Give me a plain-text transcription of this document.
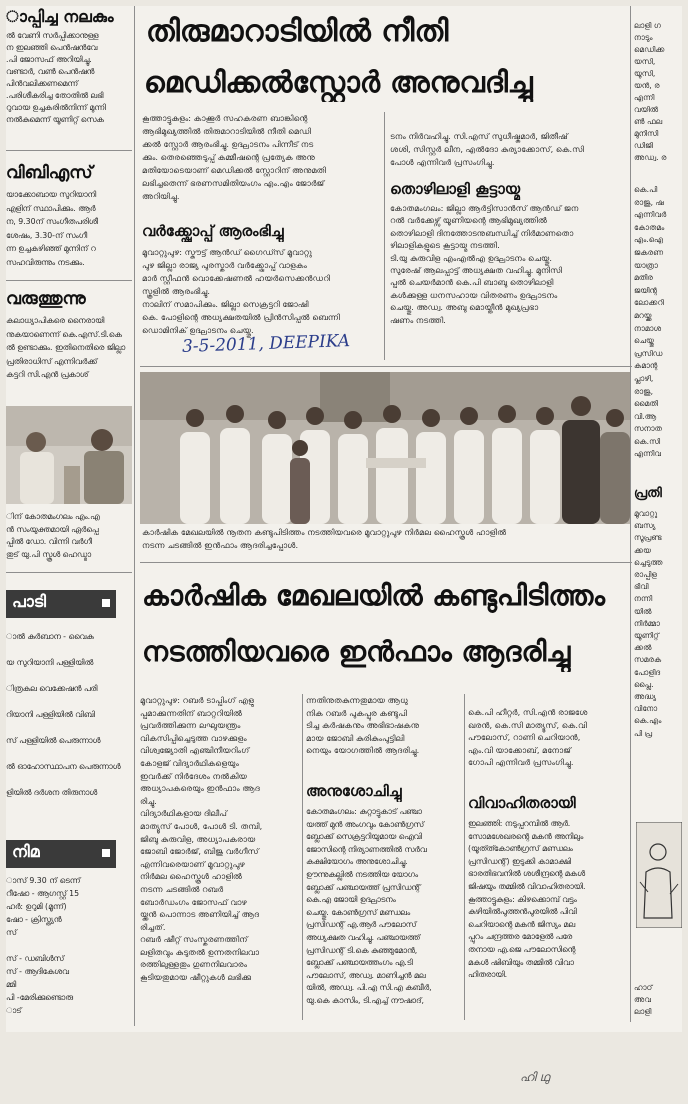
ാപ്പിച്ച നലകും
ൽ വേണി സർപ്പിക്കാനുള്ള
ന ഇലഞ്ഞി പെൻഷൻവേ
.പി ജോസഫ് അറിയിച്ചു.
വണ്ടാർ, വൺ പെൻഷൻ
പിൻവലിക്കണമെന്ന്
.പരിശീകരിച്ച തോതിൽ ലഭി
റുവായ ഉച്ചകരിൽനിന്ന് മുന്നി
നൽകുമെന്ന് യൂണിറ്റ് സെക
വിബിഎസ്
യാക്കോബായ സുറിയാനി
എളിന് സ്ഥാപിക്കും. ആർ
ന, 9.30ന് സംഗീതപരിശീ
ശേഷം, 3.30-ന് സംഗീ
ന്ന ഉച്ചകഴിഞ്ഞ് മുന്നിന് റ
സഹവിരുന്നും നടക്കും.
വരുത്തുന്നു
കലാധ്യാപികരെ നൈരായി
നുകയാണെന്ന് കെ.എസ്.ടി.കെ
ൽ ഉണ്ടാക്കും. ഇതിനെതിരെ ജില്ലാ
പ്രതിരാധിസ് എന്നിവർക്ക്
കട്ടറി സി.എൻ പ്രകാശ്
ിന് കോതമംഗലം എം.എ
ൻ സംയുക്തമായി ഏർപ്പെ
പ്പിൽ ഡോ. വിന്നി വർഗീ
തുട് യു.പി സ്കൂൾ ഹെഡ്മാ
പാടി
ാൽ കുർബാന - വൈകു

യ സുറിയാനി പള്ളിയിൽ

ിത്രകല വെക്കേഷൻ പരി

റിയാനി പള്ളിയിൽ വിബി

സ് പള്ളിയിൽ പെരുന്നാൾ

ൽ ഓഹോസ്ഥാപന പെരുന്നാൾ

ളിയിൽ ദർശന തിരുനാൾ
നിമ
ാസ് 9.30 ന് ടെന്ന്
റീഷോ - ആഗസ്റ്റ് 15
ഹർ: ഉറുമി (മൂന്ന്)
ഷോ - ക്രിസ്ത്യൻ
സ്

സ് - ഡബിൾസ്
സ് - ആദികേശവ
മ്മി
പി -മേരിക്കുണ്ടൊരു
ാട്
തിരുമാറാടിയിൽ നീതി
മെഡിക്കൽസ്റ്റോർ അനുവദിച്ചു
കൂത്താട്ടുകുളം: കാക്കൂർ സഹകരണ ബാങ്കിന്റെ
ആഭിമുഖ്യത്തിൽ തിരുമാറാടിയിൽ നീതി മെഡി
ക്കൽ സ്റ്റോർ ആരംഭിച്ചു. ഉദ്ഘാടനം പിന്നീട് നട
ക്കും. തെരഞ്ഞെടുപ്പ് കമ്മീഷന്റെ പ്രത്യേക അനു
മതിയോടെയാണ് മെഡിക്കൽ സ്റ്റോറിന് അനുമതി
ലഭിച്ചതെന്ന് ഭരണസമിതിയംഗം എം.എം ജോർജ്
അറിയിച്ചു.
ടനം നിർവഹിച്ചു. സി.എസ് സുധീഷ്കുമാർ, ജിതീഷ്
ശശി, സിസ്റ്റർ ലീന, എൽദോ കുര്യാക്കോസ്, കെ.സി
പോൾ എന്നിവർ പ്രസംഗിച്ചു.
വർക്ക്ഷോപ്പ് ആരംഭിച്ചു
മൂവാറ്റുപുഴ: സ്കൗട്ട് ആൻഡ് ഗൈഡ്സ് മൂവാറ്റു
പുഴ ജില്ലാ രാജ്യ പുരസ്കാർ വർക്ക്ഷോപ്പ് വാളകം
മാർ സ്റ്റീഫൻ വൊക്കേഷണൽ ഹയർസെക്കൻഡറി
സ്കൂളിൽ ആരംഭിച്ചു.
നാലിന് സമാപിക്കും. ജില്ലാ സെക്രട്ടറി ജോഷി
കെ. പോളിന്റെ അധ്യക്ഷതയിൽ പ്രിൻസിപ്പൽ ബെന്നി
ഡൊമിനിക് ഉദ്ഘാടനം ചെയ്തു.
തൊഴിലാളി കൂട്ടായ്മ
കോതമംഗലം: ജില്ലാ ആർട്ടിസാൻസ് ആൻഡ് ജന
റൽ വർക്കേഴ്സ് യൂണിയന്റെ ആഭിമുഖ്യത്തിൽ
തൊഴിലാളി ദിനത്തോടനുബന്ധിച്ച് നിർമാണതൊ
ഴിലാളികളുടെ കൂട്ടായ്മ നടത്തി.
ടി.യു കുരുവിള എംഎൽഎ ഉദ്ഘാടനം ചെയ്തു.
സുരേഷ് ആലപ്പാട്ട് അധ്യക്ഷത വഹിച്ചു. മുനിസി
പ്പൽ ചെയർമാൻ കെ.പി ബാബു തൊഴിലാളി
കൾക്കുള്ള ധനസഹായ വിതരണം ഉദ്ഘാടനം
ചെയ്തു. അഡ്വ. അബു മൊയ്തീൻ മുഖ്യപ്രഭാ
ഷണം നടത്തി.
3-5-2011, DEEPIKA
കാർഷിക മേഖലയിൽ നൂതന കണ്ടുപിടിത്തം നടത്തിയവരെ മൂവാറ്റുപുഴ നിർമല ഹൈസ്കൂൾ ഹാളിൽ
നടന്ന ചടങ്ങിൽ ഇൻഫാം ആദരിച്ചപ്പോൾ.
കാർഷിക മേഖലയിൽ കണ്ടുപിടിത്തം
നടത്തിയവരെ ഇൻഫാം ആദരിച്ചു
മൂവാറ്റുപുഴ: റബർ ടാപ്പിംഗ് എളു
പ്പമാക്കുന്നതിന് ബാറ്ററിയിൽ
പ്രവർത്തിക്കുന്ന ലഘുയന്ത്രം
വികസിപ്പിച്ചെടുത്ത വാഴക്കുളം
വിശ്വജ്യോതി എഞ്ചിനീയറിംഗ്
കോളജ് വിദ്യാർഥികളെയും
ഇവർക്ക് നിർദേശം നൽകിയ
അധ്യാപകരെയും ഇൻഫാം ആദ
രിച്ചു.
വിദ്യാർഥികളായ ദിലീപ്
മാത്യൂസ് പോൾ, പോൾ ടി. തമ്പി,
ജിബു കുരുവിള, അധ്യാപകരായ
ജോബി ജോർജ്, ബിജു വർഗീസ്
എന്നിവരെയാണ് മൂവാറ്റുപുഴ
നിർമല ഹൈസ്കൂൾ ഹാളിൽ
നടന്ന ചടങ്ങിൽ റബർ
ബോർഡംഗം ജോസഫ് വാഴ
യ്ക്കൻ പൊന്നാട അണിയിച്ച് ആദ
രിച്ചത്.
റബർ ഷീറ്റ് സംസ്കരണത്തിന്
ലളിതവും കുടുതൽ ഉന്നതനിലവാ
രത്തിലുള്ളതും ഗുണനിലവാരം
കൂടിയതുമായ ഷീറ്റുകൾ ലഭിക്കു
ന്നതിനുതകുന്നതുമായ ആധു
നിക റബർ പുകപ്പുര കണ്ടുപി
ടിച്ച കർഷകനും അഭിഭാഷകനു
മായ ജോബി കുരികുംപുട്ടിലി
നെയും യോഗത്തിൽ ആദരിച്ചു.
അനുശോചിച്ചു
കോതമംഗലം: കുറ്റാട്ടുകാട് പഞ്ചാ
യത്ത് മുൻ അംഗവും കോൺഗ്രസ്
ബ്ലോക്ക് സെക്രട്ടറിയുമായ ഐവി
ജോസിന്റെ നിര്യാണത്തിൽ സർവ
കക്ഷിയോഗം അനുശോചിച്ചു.
ഊന്നുകല്ലിൽ നടത്തിയ യോഗം
ബ്ലോക്ക് പഞ്ചായത്ത് പ്രസിഡന്റ്
കെ.എ ജോയി ഉദ്ഘാടനം
ചെയ്തു. കോൺഗ്രസ് മണ്ഡലം
പ്രസിഡന്റ് എ.ആർ പൗലോസ്
അധ്യക്ഷത വഹിച്ചു. പഞ്ചായത്ത്
പ്രസിഡന്റ് ടി.കെ കുഞ്ഞുമോൻ,
ബ്ലോക്ക് പഞ്ചായത്തംഗം എ.ടി
പൗലോസ്, അഡ്വ. മാണിച്ചൻ മല
യിൽ, അഡ്വ. പി.എ സി.എ കബീർ,
യു.കെ കാസിം, ടി.എച്ച് നൗഷാദ്,
കെ.പി ഹീറ്റർ, സി.എൻ രാജശേ
ഖരൻ, കെ.സി മാത്യൂസ്, കെ.വി
പൗലോസ്, റാണി ചെറിയാൻ,
എം.വി യാക്കോബ്, മനോജ്
ഗോപി എന്നിവർ പ്രസംഗിച്ചു.
വിവാഹിതരായി
ഇലഞ്ഞി: നടുപ്പറമ്പിൽ ആർ.
സോമശേഖരന്റെ മകൻ അനിലും
(യൂത്ത്കോൺഗ്രസ് മണ്ഡലം
പ്രസിഡന്റ്) ഇടുക്കി കാമാക്ഷി
ഭാരതിഭവനിൽ ശശീന്ദ്രന്റെ മകൾ
ജിഷയും തമ്മിൽ വിവാഹിതരായി.
കൂത്താട്ടുകുളം: കിഴക്കൊമ്പ് വട്ടം
കുഴിയിൽപുത്തൻപുരയിൽ പിവി
ചെറിയാന്റെ മകൻ ജിസ്യം മല
പ്പുറം ചന്ദ്രത്തര മോളേൽ പരേ
തനായ എ.ജെ പൗലോസിന്റെ
മകൾ ഷിബിയും തമ്മിൽ വിവാ
ഹിതരായി.
ലാളി ഗ
നാടും
മെഡിക്ക
യസി,
യൂസി,
യൻ, ര
എന്നി
വയിൽ
ൺ ഫല
മുനിസി
ഡിജി
അഡ്വ. ര
കെ.പി
രാജു, ഷ
എന്നിവർ
കോതമം
എം.ഐ
ജകരണ
യാത്രാ
മതിര
ജയിന്റ
ലോക്കറി
മറയ്ക്ക
നാമാശ
ചെയ്തു
പ്രസിഡ
കമാന്റ
പ്ലാഴി,
രാജു,
മൈതി
വി.ആ
സനാത
കെ.സി
എന്നിവ
പ്രതി
മൂവാറ്റു
ബസ്യ
സൂപ്രണ്ട
ക്കയ
ച്ചെടുത്ത
രാപ്പിള
ഭിവി
നന്നി
യിൽ
നിർമ്മാ
യൂണിറ്റ്
ക്കൽ
സമരക
പോളിദ
പ്ലൈ.
അദ്ധ്യ
വിനോ
കെ.എം
പി പ്ര
ഹാഠ്
അവ
ലാളി
ഹി ഥു
